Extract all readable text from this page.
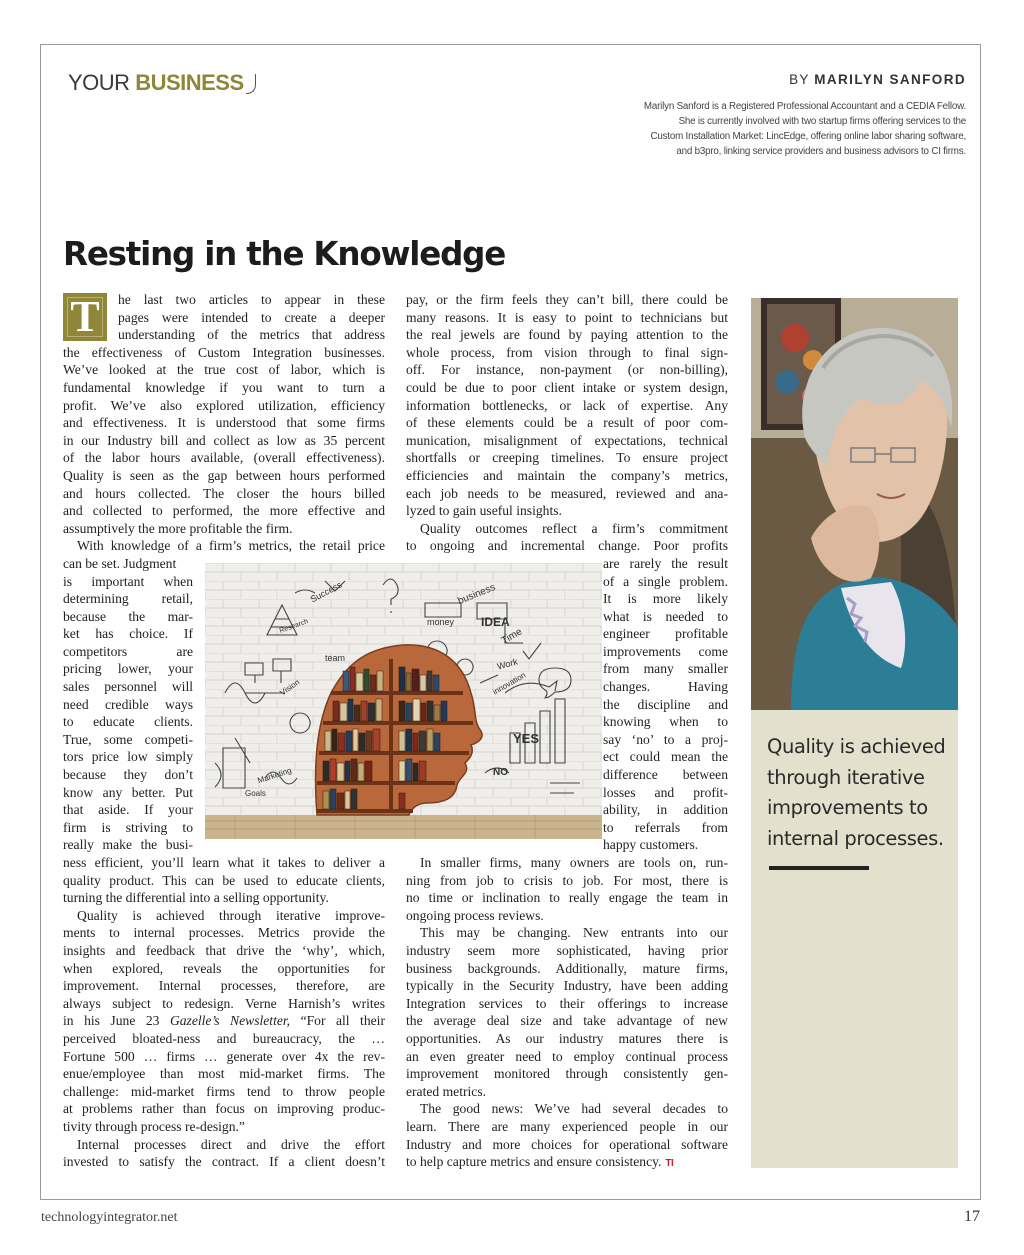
YOUR BUSINESS	BY MARILYN SANFORD
Marilyn Sanford is a Registered Professional Accountant and a CEDIA Fellow.
She is currently involved with two startup firms offering services to the
Custom Installation Market: LincEdge, offering online labor sharing software,
and b3pro, linking service providers and business advisors to CI firms.
Resting in the Knowledge
T	he last two articles to appear in these
pages were intended to create a deeper
understanding of the metrics that address
the effectiveness of Custom Integration businesses.
We’ve looked at the true cost of labor, which is
fundamental knowledge if you want to turn a
profit. We’ve also explored utilization, efficiency
and effectiveness. It is understood that some firms
in our Industry bill and collect as low as 35 percent
of the labor hours available, (overall effectiveness).
Quality is seen as the gap between hours performed
and hours collected. The closer the hours billed
and collected to performed, the more effective and
assumptively the more profitable the firm.
With knowledge of a firm’s metrics, the retail price
can be set. Judgment
is important when
determining retail,
because the mar-
ket has choice. If
competitors are
pricing lower, your
sales personnel will
need credible ways
to educate clients.
True, some competi-
tors price low simply
because they don’t
know any better. Put
that aside. If your
firm is striving to
really make the busi-
ness efficient, you’ll learn what it takes to deliver a
quality product. This can be used to educate clients,
turning the differential into a selling opportunity.
Quality is achieved through iterative improve-
ments to internal processes. Metrics provide the
insights and feedback that drive the ‘why’, which,
when explored, reveals the opportunities for
improvement. Internal processes, therefore, are
always subject to redesign. Verne Harnish’s writes
in his June 23 Gazelle’s Newsletter, “For all their
perceived bloated-ness and bureaucracy, the …
Fortune 500 … firms … generate over 4x the rev-
enue/employee than most mid-market firms. The
challenge: mid-market firms tend to throw people
at problems rather than focus on improving produc-
tivity through process re-design.”
Internal processes direct and drive the effort
invested to satisfy the contract. If a client doesn’t
pay, or the firm feels they can’t bill, there could be
many reasons. It is easy to point to technicians but
the real jewels are found by paying attention to the
whole process, from vision through to final sign-
off. For instance, non-payment (or non-billing),
could be due to poor client intake or system design,
information bottlenecks, or lack of expertise. Any
of these elements could be a result of poor com-
munication, misalignment of expectations, technical
shortfalls or creeping timelines. To ensure project
efficiencies and maintain the company’s metrics,
each job needs to be measured, reviewed and ana-
lyzed to gain useful insights.
Quality outcomes reflect a firm’s commitment
to ongoing and incremental change. Poor profits
are rarely the result
of a single problem.
It is more likely
what is needed to
engineer profitable
improvements come
from many smaller
changes. Having
the discipline and
knowing when to
say ‘no’ to a proj-
ect could mean the
difference between
losses and profit-
ability, in addition
to referrals from
happy customers.
In smaller firms, many owners are tools on, run-
ning from job to crisis to job. For most, there is
no time or inclination to really engage the team in
ongoing process reviews.
This may be changing. New entrants into our
industry seem more sophisticated, having prior
business backgrounds. Additionally, mature firms,
typically in the Security Industry, have been adding
Integration services to their offerings to increase
the average deal size and take advantage of new
opportunities. As our industry matures there is
an even greater need to employ continual process
improvement monitored through consistently gen-
erated metrics.
The good news: We’ve had several decades to
learn. There are many experienced people in our
Industry and more choices for operational software
to help capture metrics and ensure consistency. TI
Success	business
IDEA
Time
money
team	Work
innovation
YES
NO
Research
Marketing
Goals
Vision
Quality is achieved
through iterative
improvements to
internal processes.
technologyintegrator.net	17
